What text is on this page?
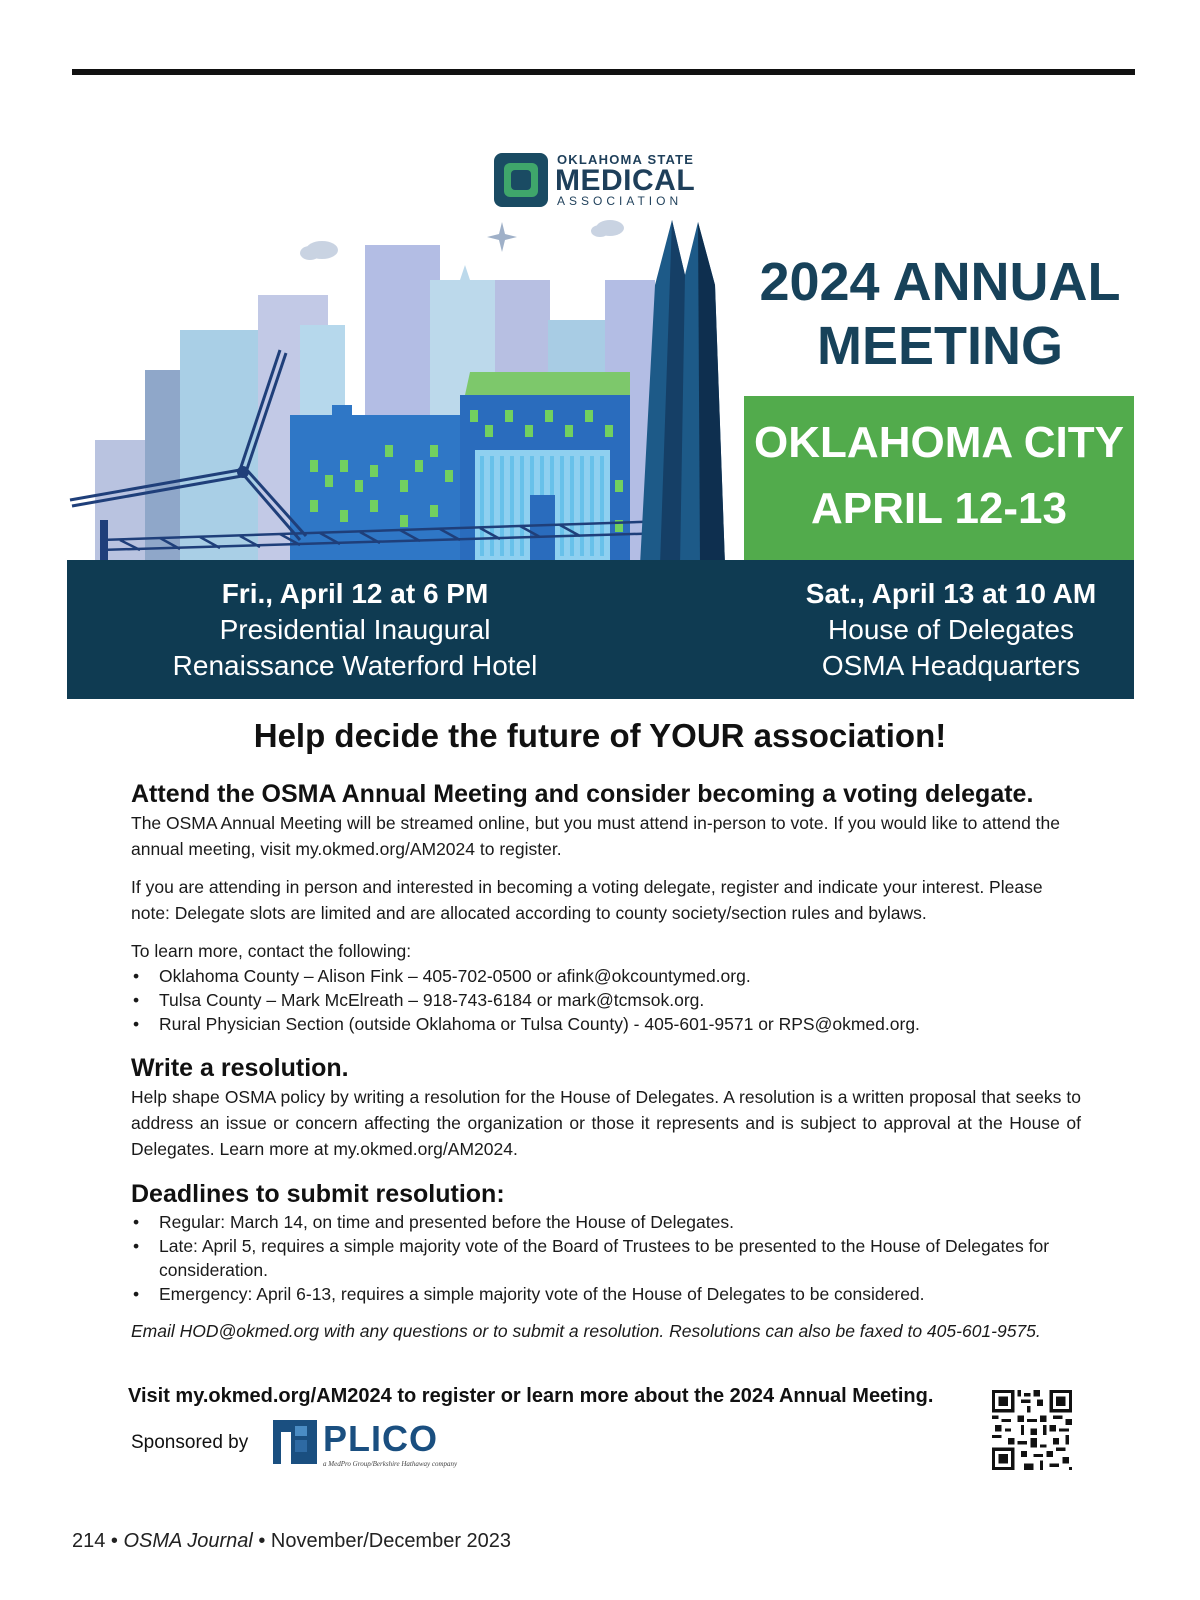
OKLAHOMA STATE
MEDICAL
ASSOCIATION
2024 ANNUAL
MEETING
OKLAHOMA CITY
APRIL 12-13
Fri., April 12 at 6 PM
Presidential Inaugural
Renaissance Waterford Hotel
Sat., April 13 at 10 AM
House of Delegates
OSMA Headquarters
Help decide the future of YOUR association!
Attend the OSMA Annual Meeting and consider becoming a voting delegate.

The OSMA Annual Meeting will be streamed online, but you must attend in-person to vote. If you would like to attend the annual meeting, visit my.okmed.org/AM2024 to register.

If you are attending in person and interested in becoming a voting delegate, register and indicate your interest. Please note: Delegate slots are limited and are allocated according to county society/section rules and bylaws.

To learn more, contact the following:

• Oklahoma County – Alison Fink – 405-702-0500 or afink@okcountymed.org.
• Tulsa County – Mark McElreath – 918-743-6184 or mark@tcmsok.org.
• Rural Physician Section (outside Oklahoma or Tulsa County) - 405-601-9571 or RPS@okmed.org.
Write a resolution.

Help shape OSMA policy by writing a resolution for the House of Delegates. A resolution is a written proposal that seeks to address an issue or concern affecting the organization or those it represents and is subject to approval at the House of Delegates. Learn more at my.okmed.org/AM2024.

Deadlines to submit resolution:
• Regular: March 14, on time and presented before the House of Delegates.
• Late: April 5, requires a simple majority vote of the Board of Trustees to be presented to the House of Delegates for consideration.
• Emergency: April 6-13, requires a simple majority vote of the House of Delegates to be considered.

Email HOD@okmed.org with any questions or to submit a resolution. Resolutions can also be faxed to 405-601-9575.

Visit my.okmed.org/AM2024 to register or learn more about the 2024 Annual Meeting.
Sponsored by PLICO
a MedPro Group/Berkshire Hathaway company
214 • OSMA Journal • November/December 2023
